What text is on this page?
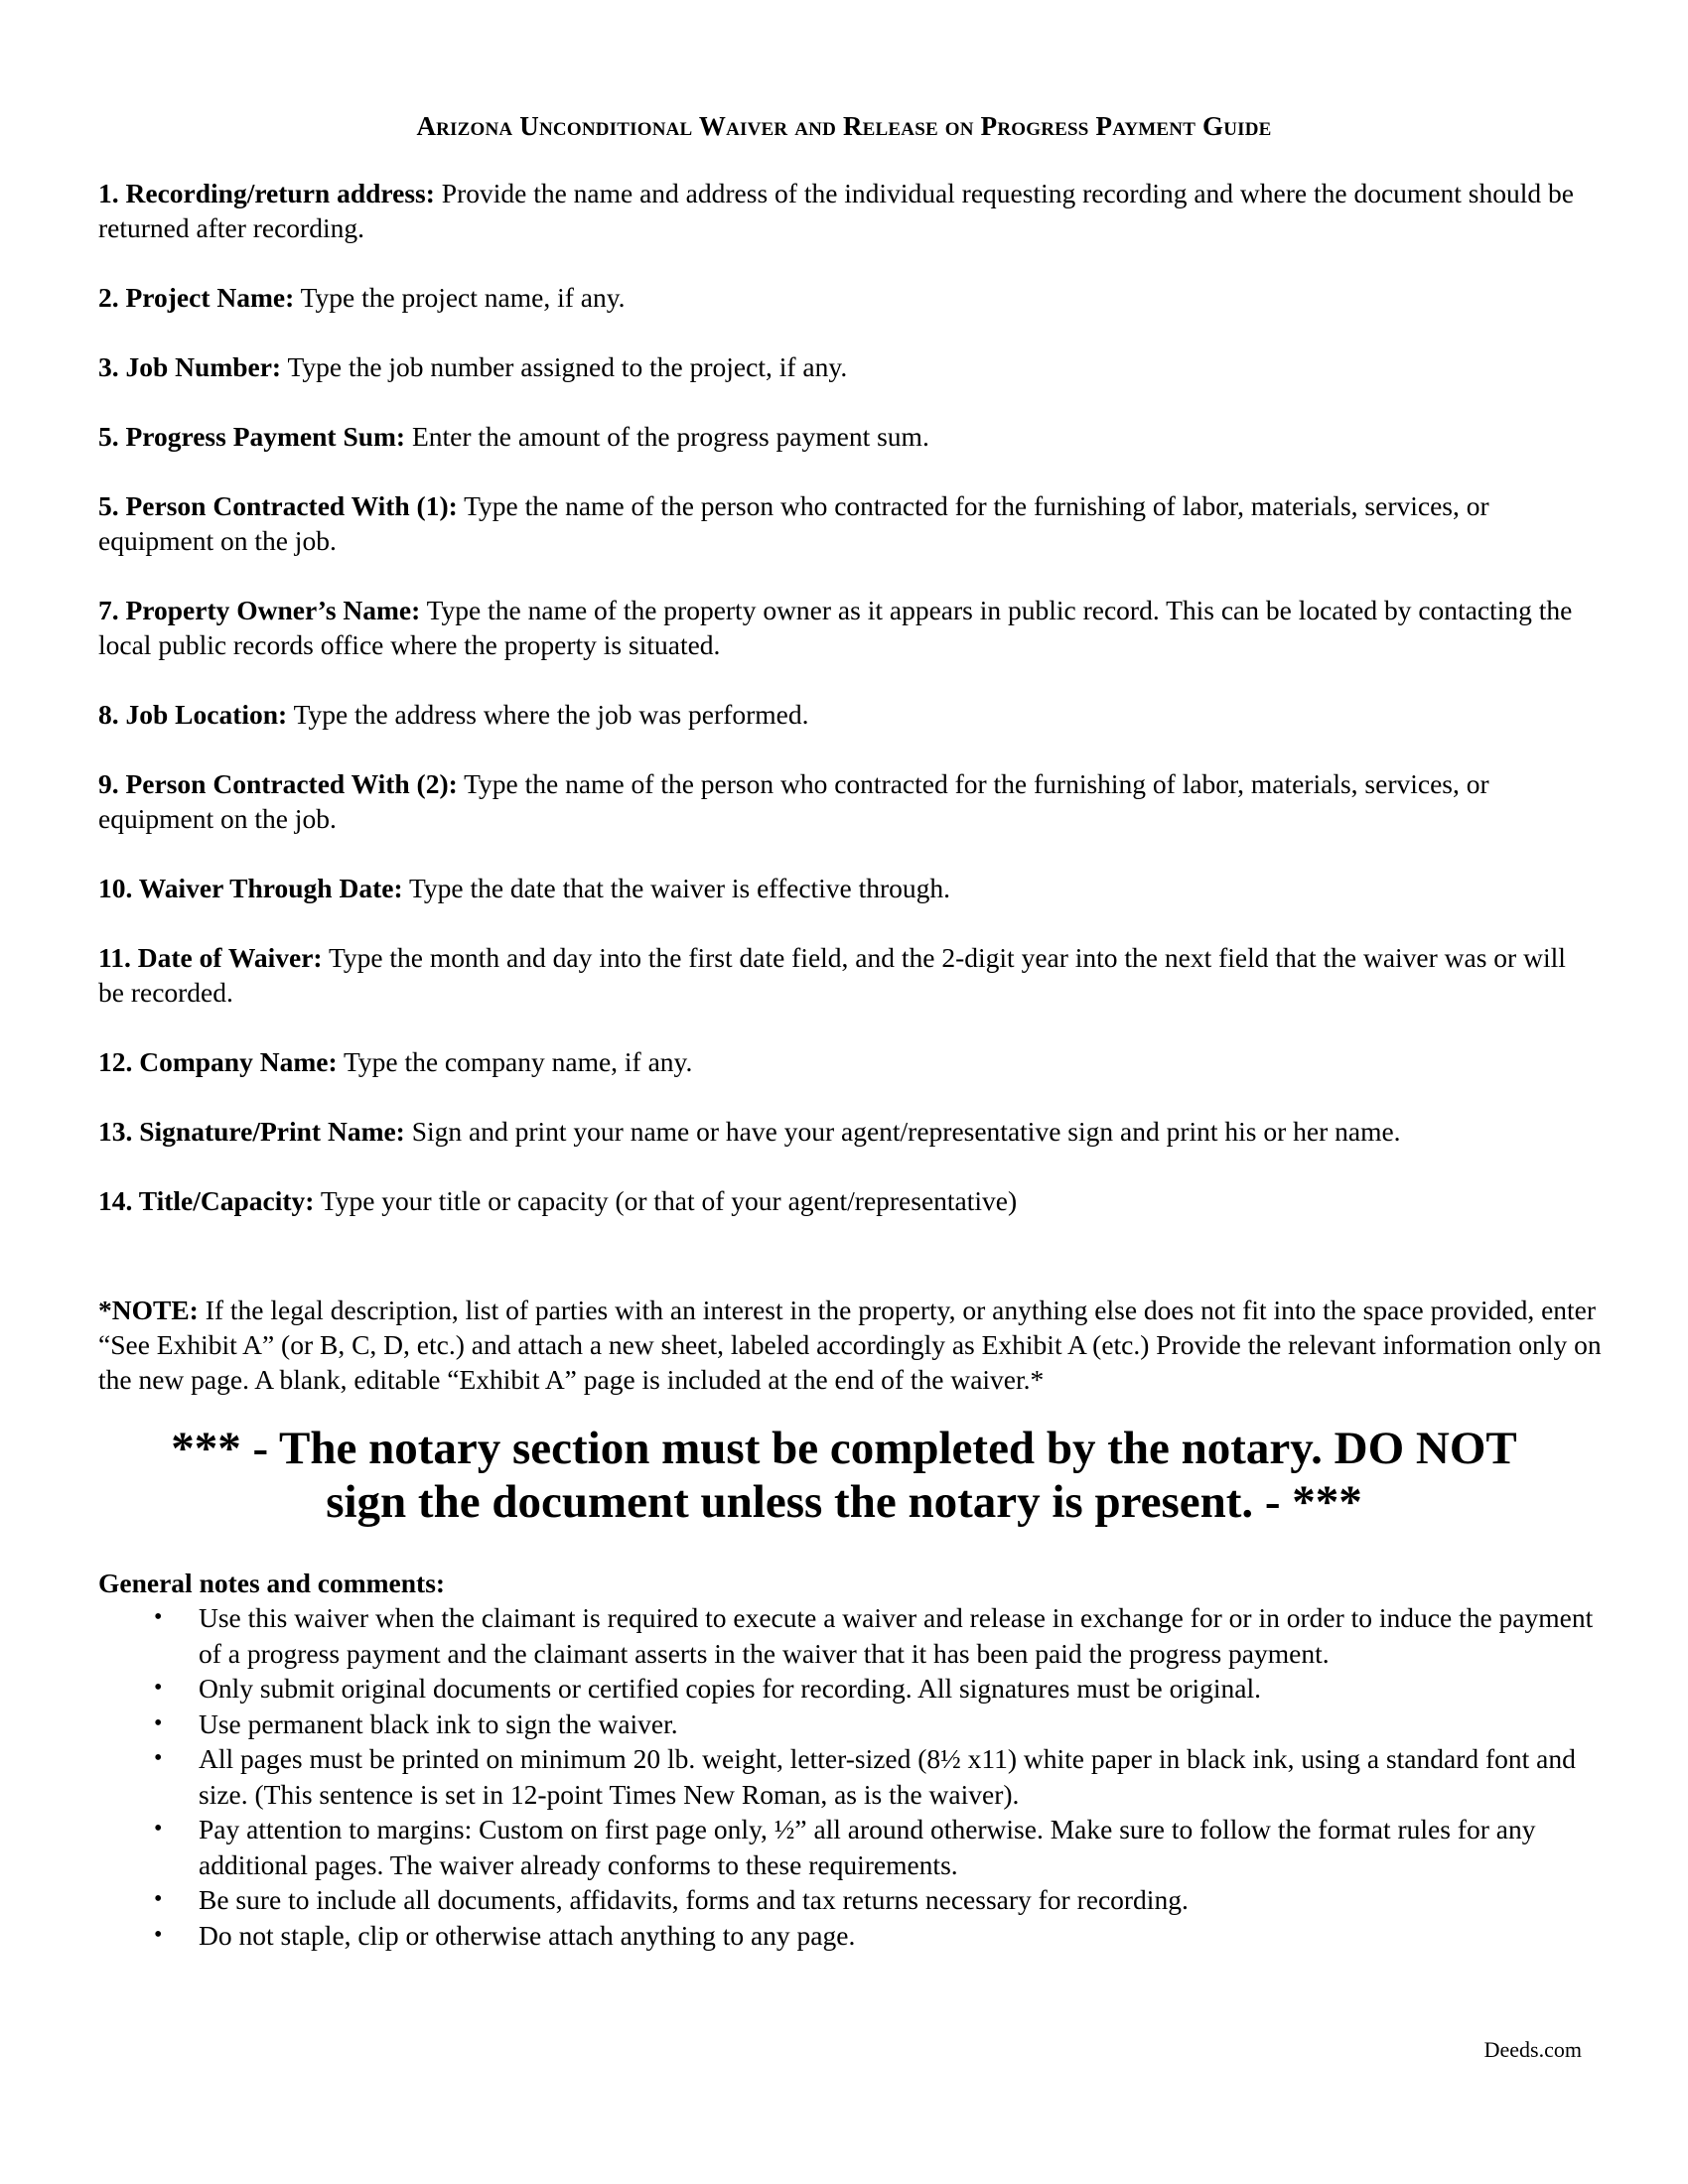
Arizona Unconditional Waiver and Release on Progress Payment Guide
1. Recording/return address: Provide the name and address of the individual requesting recording and where the document should be returned after recording.
2. Project Name: Type the project name, if any.
3. Job Number: Type the job number assigned to the project, if any.
5. Progress Payment Sum: Enter the amount of the progress payment sum.
5. Person Contracted With (1): Type the name of the person who contracted for the furnishing of labor, materials, services, or equipment on the job.
7. Property Owner’s Name: Type the name of the property owner as it appears in public record. This can be located by contacting the local public records office where the property is situated.
8. Job Location: Type the address where the job was performed.
9. Person Contracted With (2): Type the name of the person who contracted for the furnishing of labor, materials, services, or equipment on the job.
10. Waiver Through Date: Type the date that the waiver is effective through.
11. Date of Waiver: Type the month and day into the first date field, and the 2-digit year into the next field that the waiver was or will be recorded.
12. Company Name: Type the company name, if any.
13. Signature/Print Name: Sign and print your name or have your agent/representative sign and print his or her name.
14. Title/Capacity: Type your title or capacity (or that of your agent/representative)

*NOTE: If the legal description, list of parties with an interest in the property, or anything else does not fit into the space provided, enter “See Exhibit A” (or B, C, D, etc.) and attach a new sheet, labeled accordingly as Exhibit A (etc.) Provide the relevant information only on the new page. A blank, editable “Exhibit A” page is included at the end of the waiver.*

*** - The notary section must be completed by the notary. DO NOT
sign the document unless the notary is present. - ***
General notes and comments:
• Use this waiver when the claimant is required to execute a waiver and release in exchange for or in order to induce the payment of a progress payment and the claimant asserts in the waiver that it has been paid the progress payment.
• Only submit original documents or certified copies for recording. All signatures must be original.
• Use permanent black ink to sign the waiver.
• All pages must be printed on minimum 20 lb. weight, letter-sized (8½ x11) white paper in black ink, using a standard font and size. (This sentence is set in 12-point Times New Roman, as is the waiver).
• Pay attention to margins: Custom on first page only, ½” all around otherwise. Make sure to follow the format rules for any additional pages. The waiver already conforms to these requirements.
• Be sure to include all documents, affidavits, forms and tax returns necessary for recording.
• Do not staple, clip or otherwise attach anything to any page.
Deeds.com
